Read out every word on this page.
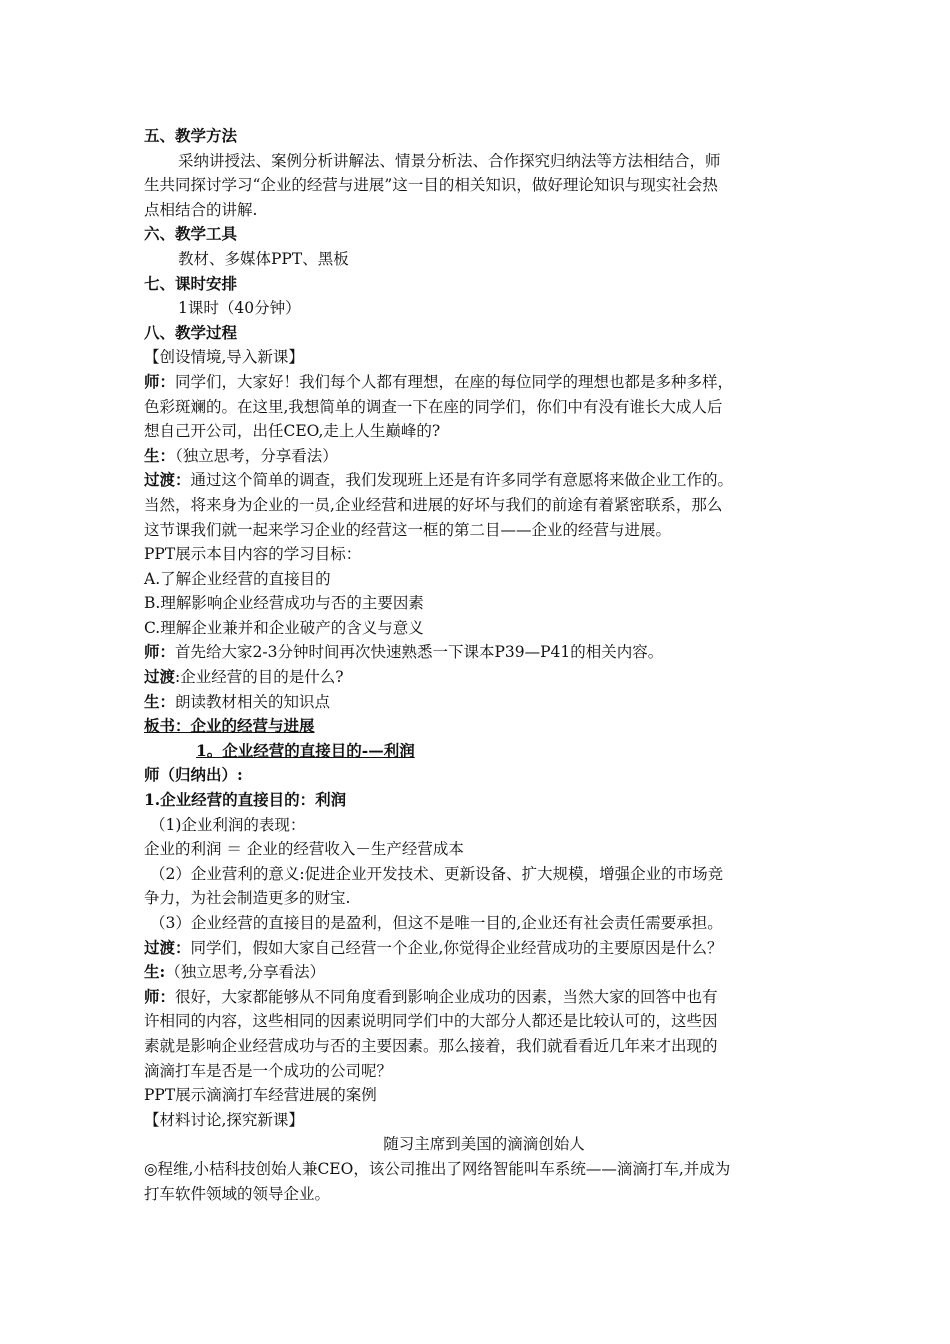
五、教学方法
采纳讲授法、案例分析讲解法、情景分析法、合作探究归纳法等方法相结合，师
生共同探讨学习“企业的经营与进展”这一目的相关知识，做好理论知识与现实社会热
点相结合的讲解.
六、教学工具
教材、多媒体PPT、黑板
七、课时安排
1课时（40分钟）
八、教学过程
【创设情境,导入新课】
师：同学们，大家好！我们每个人都有理想，在座的每位同学的理想也都是多种多样，
色彩斑斓的。在这里,我想简单的调查一下在座的同学们，你们中有没有谁长大成人后
想自己开公司，出任CEO,走上人生巅峰的?
生：（独立思考，分享看法）
过渡：通过这个简单的调查，我们发现班上还是有许多同学有意愿将来做企业工作的。
当然，将来身为企业的一员,企业经营和进展的好坏与我们的前途有着紧密联系，那么
这节课我们就一起来学习企业的经营这一框的第二目——企业的经营与进展。
PPT展示本目内容的学习目标：
A.了解企业经营的直接目的
B.理解影响企业经营成功与否的主要因素
C.理解企业兼并和企业破产的含义与意义
师：首先给大家2-3分钟时间再次快速熟悉一下课本P39—P41的相关内容。
过渡:企业经营的目的是什么?
生：朗读教材相关的知识点
板书：企业的经营与进展
1。企业经营的直接目的-—利润
师（归纳出）:
1.企业经营的直接目的：利润
（1)企业利润的表现：
企业的利润 ＝ 企业的经营收入－生产经营成本
（2）企业营利的意义:促进企业开发技术、更新设备、扩大规模，增强企业的市场竞
争力，为社会制造更多的财宝.
（3）企业经营的直接目的是盈利，但这不是唯一目的,企业还有社会责任需要承担。
过渡：同学们，假如大家自己经营一个企业,你觉得企业经营成功的主要原因是什么？
生:（独立思考,分享看法）
师：很好，大家都能够从不同角度看到影响企业成功的因素，当然大家的回答中也有
许相同的内容，这些相同的因素说明同学们中的大部分人都还是比较认可的，这些因
素就是影响企业经营成功与否的主要因素。那么接着，我们就看看近几年来才出现的
滴滴打车是否是一个成功的公司呢？
PPT展示滴滴打车经营进展的案例
【材料讨论,探究新课】
随习主席到美国的滴滴创始人
◎程维,小桔科技创始人兼CEO，该公司推出了网络智能叫车系统——滴滴打车,并成为
打车软件领域的领导企业。
